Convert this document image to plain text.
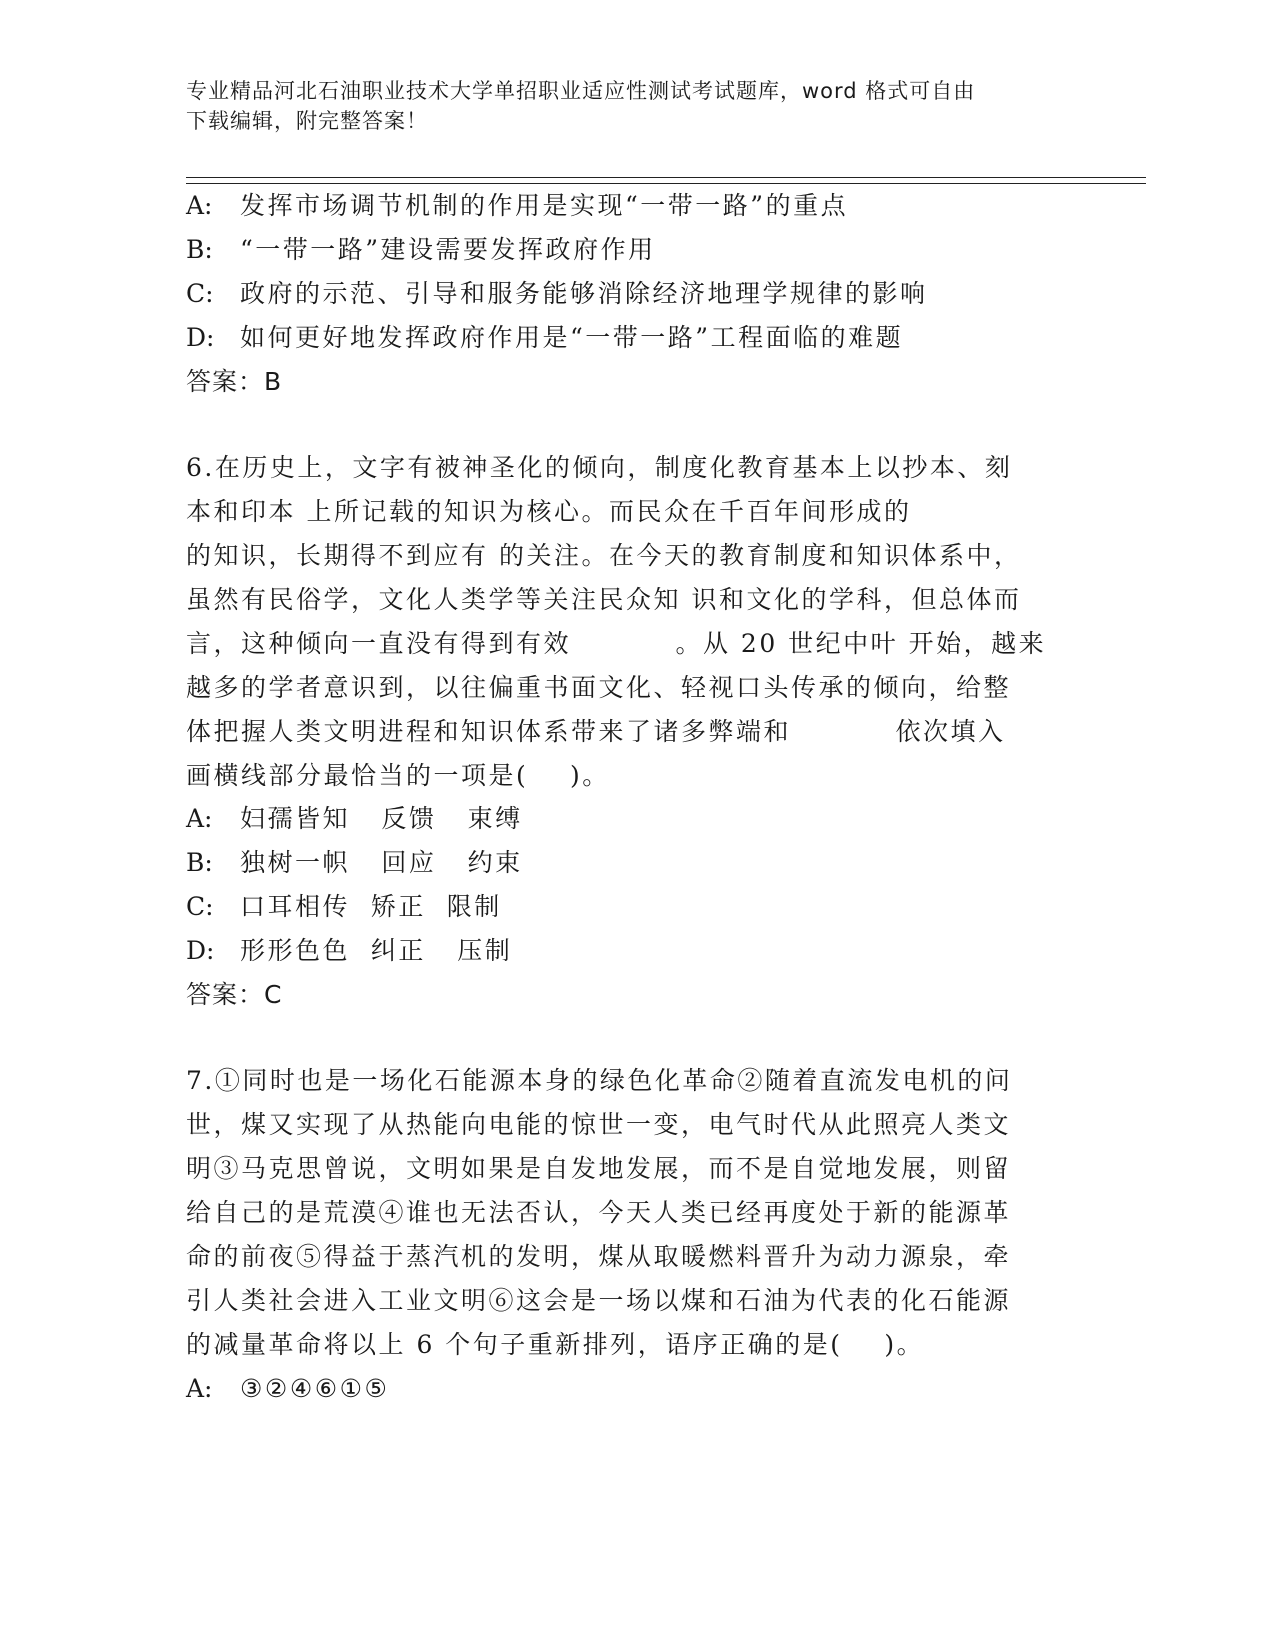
专业精品河北石油职业技术大学单招职业适应性测试考试题库，word 格式可自由
下载编辑，附完整答案！
A: 发挥市场调节机制的作用是实现“一带一路”的重点
B: “一带一路”建设需要发挥政府作用
C: 政府的示范、引导和服务能够消除经济地理学规律的影响
D: 如何更好地发挥政府作用是“一带一路”工程面临的难题
答案：B
6.在历史上，文字有被神圣化的倾向，制度化教育基本上以抄本、刻
本和印本 上所记载的知识为核心。而民众在千百年间形成的
的知识，长期得不到应有 的关注。在今天的教育制度和知识体系中，
虽然有民俗学，文化人类学等关注民众知 识和文化的学科，但总体而
言，这种倾向一直没有得到有效          。从 20 世纪中叶 开始，越来
越多的学者意识到，以往偏重书面文化、轻视口头传承的倾向，给整
体把握人类文明进程和知识体系带来了诸多弊端和          依次填入
画横线部分最恰当的一项是(    )。
A: 妇孺皆知   反馈   束缚
B: 独树一帜   回应   约束
C: 口耳相传  矫正  限制
D: 形形色色  纠正   压制
答案：C
7.①同时也是一场化石能源本身的绿色化革命②随着直流发电机的问
世，煤又实现了从热能向电能的惊世一变，电气时代从此照亮人类文
明③马克思曾说，文明如果是自发地发展，而不是自觉地发展，则留
给自己的是荒漠④谁也无法否认，今天人类已经再度处于新的能源革
命的前夜⑤得益于蒸汽机的发明，煤从取暖燃料晋升为动力源泉，牵
引人类社会进入工业文明⑥这会是一场以煤和石油为代表的化石能源
的减量革命将以上 6 个句子重新排列，语序正确的是(    )。
A: ③②④⑥①⑤
